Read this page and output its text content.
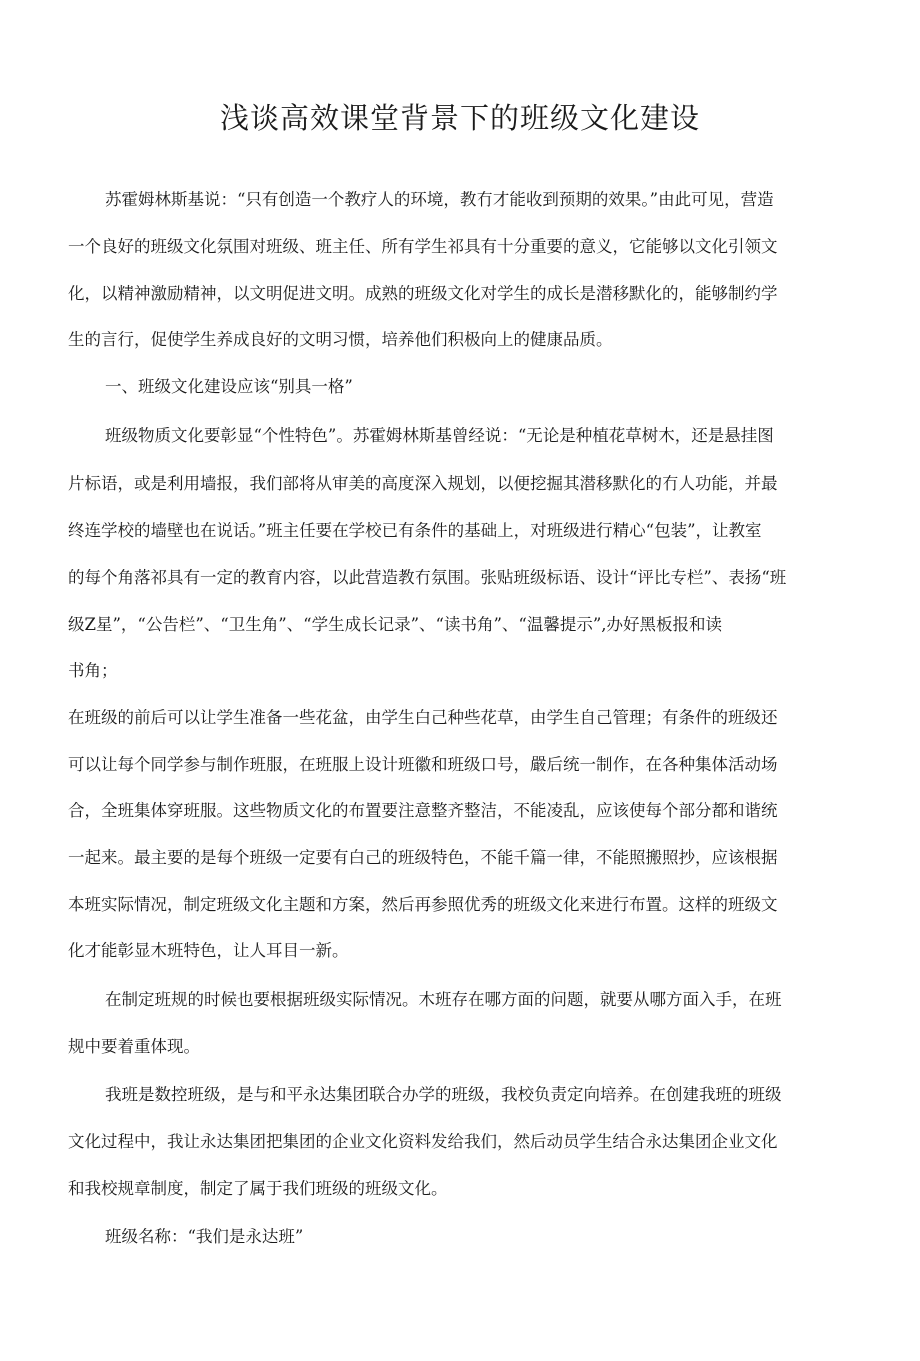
浅谈高效课堂背景下的班级文化建设
苏霍姆林斯基说：“只有创造一个教疗人的环境，教冇才能收到预期的效果。”由此可见，营造
一个良好的班级文化氛围对班级、班主任、所有学生祁具有十分重要的意义，它能够以文化引领文
化，以精神激励精神，以文明促进文明。成熟的班级文化对学生的成长是潜移默化的，能够制约学
生的言行，促使学生养成良好的文明习惯，培养他们积极向上的健康品质。
一、班级文化建设应该“别具一格”
班级物质文化要彰显“个性特色”。苏霍姆林斯基曾经说：“无论是种植花草树木，还是悬挂图
片标语，或是利用墙报，我们部将从审美的高度深入规划，以便挖掘其潜移默化的冇人功能，并最
终连学校的墙壁也在说话。”班主任要在学校已有条件的基础上，对班级进行精心“包装”，让教室
的每个角落祁具有一定的教育内容，以此营造教冇氛围。张贴班级标语、设计“评比专栏”、表扬“班
级Z星”，“公告栏”、“卫生角”、“学生成长记录”、“读书角”、“温馨提示”,办好黑板报和读
书角；
在班级的前后可以让学生准备一些花盆，由学生白己种些花草，由学生自己管理；有条件的班级还
可以让每个同学参与制作班服，在班服上设计班徽和班级口号，嚴后统一制作，在各种集体活动场
合，全班集体穿班服。这些物质文化的布置要注意整齐整洁，不能凌乱，应该使每个部分都和谐统
一起来。最主要的是每个班级一定要有白己的班级特色，不能千篇一律，不能照搬照抄，应该根据
本班实际情况，制定班级文化主题和方案，然后再参照优秀的班级文化来进行布置。这样的班级文
化才能彰显木班特色，让人耳目一新。
在制定班规的时候也要根据班级实际情况。木班存在哪方面的问题，就要从哪方面入手，在班
规中要着重体现。
我班是数控班级，是与和平永达集团联合办学的班级，我校负责定向培养。在创建我班的班级
文化过程中，我让永达集团把集团的企业文化资料发给我们，然后动员学生结合永达集团企业文化
和我校规章制度，制定了属于我们班级的班级文化。
班级名称：“我们是永达班”
